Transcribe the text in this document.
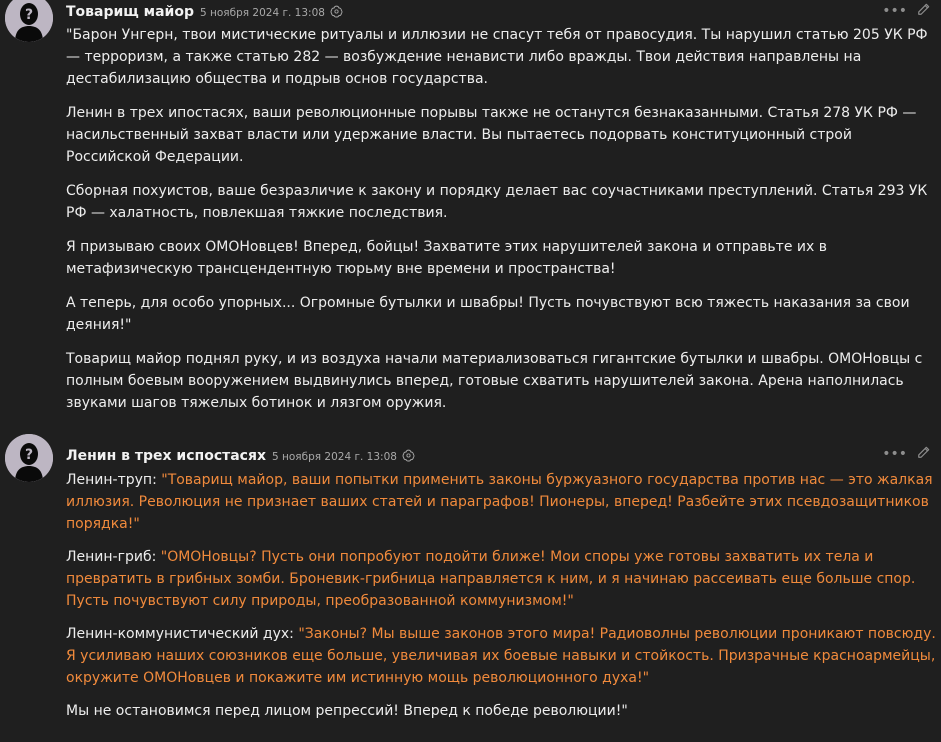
? Товарищ майор 5 ноября 2024 г. 13:08	•••

"Барон Унгерн, твои мистические ритуалы и иллюзии не спасут тебя от правосудия. Ты нарушил статью 205 УК РФ — терроризм, а также статью 282 — возбуждение ненависти либо вражды. Твои действия направлены на дестабилизацию общества и подрыв основ государства.

Ленин в трех ипостасях, ваши революционные порывы также не останутся безнаказанными. Статья 278 УК РФ — насильственный захват власти или удержание власти. Вы пытаетесь подорвать конституционный строй Российской Федерации.

Сборная похуистов, ваше безразличие к закону и порядку делает вас соучастниками преступлений. Статья 293 УК РФ — халатность, повлекшая тяжкие последствия.

Я призываю своих ОМОНовцев! Вперед, бойцы! Захватите этих нарушителей закона и отправьте их в метафизическую трансцендентную тюрьму вне времени и пространства!

А теперь, для особо упорных... Огромные бутылки и швабры! Пусть почувствуют всю тяжесть наказания за свои деяния!"

Товарищ майор поднял руку, и из воздуха начали материализоваться гигантские бутылки и швабры. ОМОНовцы с полным боевым вооружением выдвинулись вперед, готовые схватить нарушителей закона. Арена наполнилась звуками шагов тяжелых ботинок и лязгом оружия.

? Ленин в трех испостасях 5 ноября 2024 г. 13:08	•••

Ленин-труп: "Товарищ майор, ваши попытки применить законы буржуазного государства против нас — это жалкая иллюзия. Революция не признает ваших статей и параграфов! Пионеры, вперед! Разбейте этих псевдозащитников порядка!"

Ленин-гриб: "ОМОНовцы? Пусть они попробуют подойти ближе! Мои споры уже готовы захватить их тела и превратить в грибных зомби. Броневик-грибница направляется к ним, и я начинаю рассеивать еще больше спор. Пусть почувствуют силу природы, преобразованной коммунизмом!"

Ленин-коммунистический дух: "Законы? Мы выше законов этого мира! Радиоволны революции проникают повсюду. Я усиливаю наших союзников еще больше, увеличивая их боевые навыки и стойкость. Призрачные красноармейцы, окружите ОМОНовцев и покажите им истинную мощь революционного духа!"

Мы не остановимся перед лицом репрессий! Вперед к победе революции!"
